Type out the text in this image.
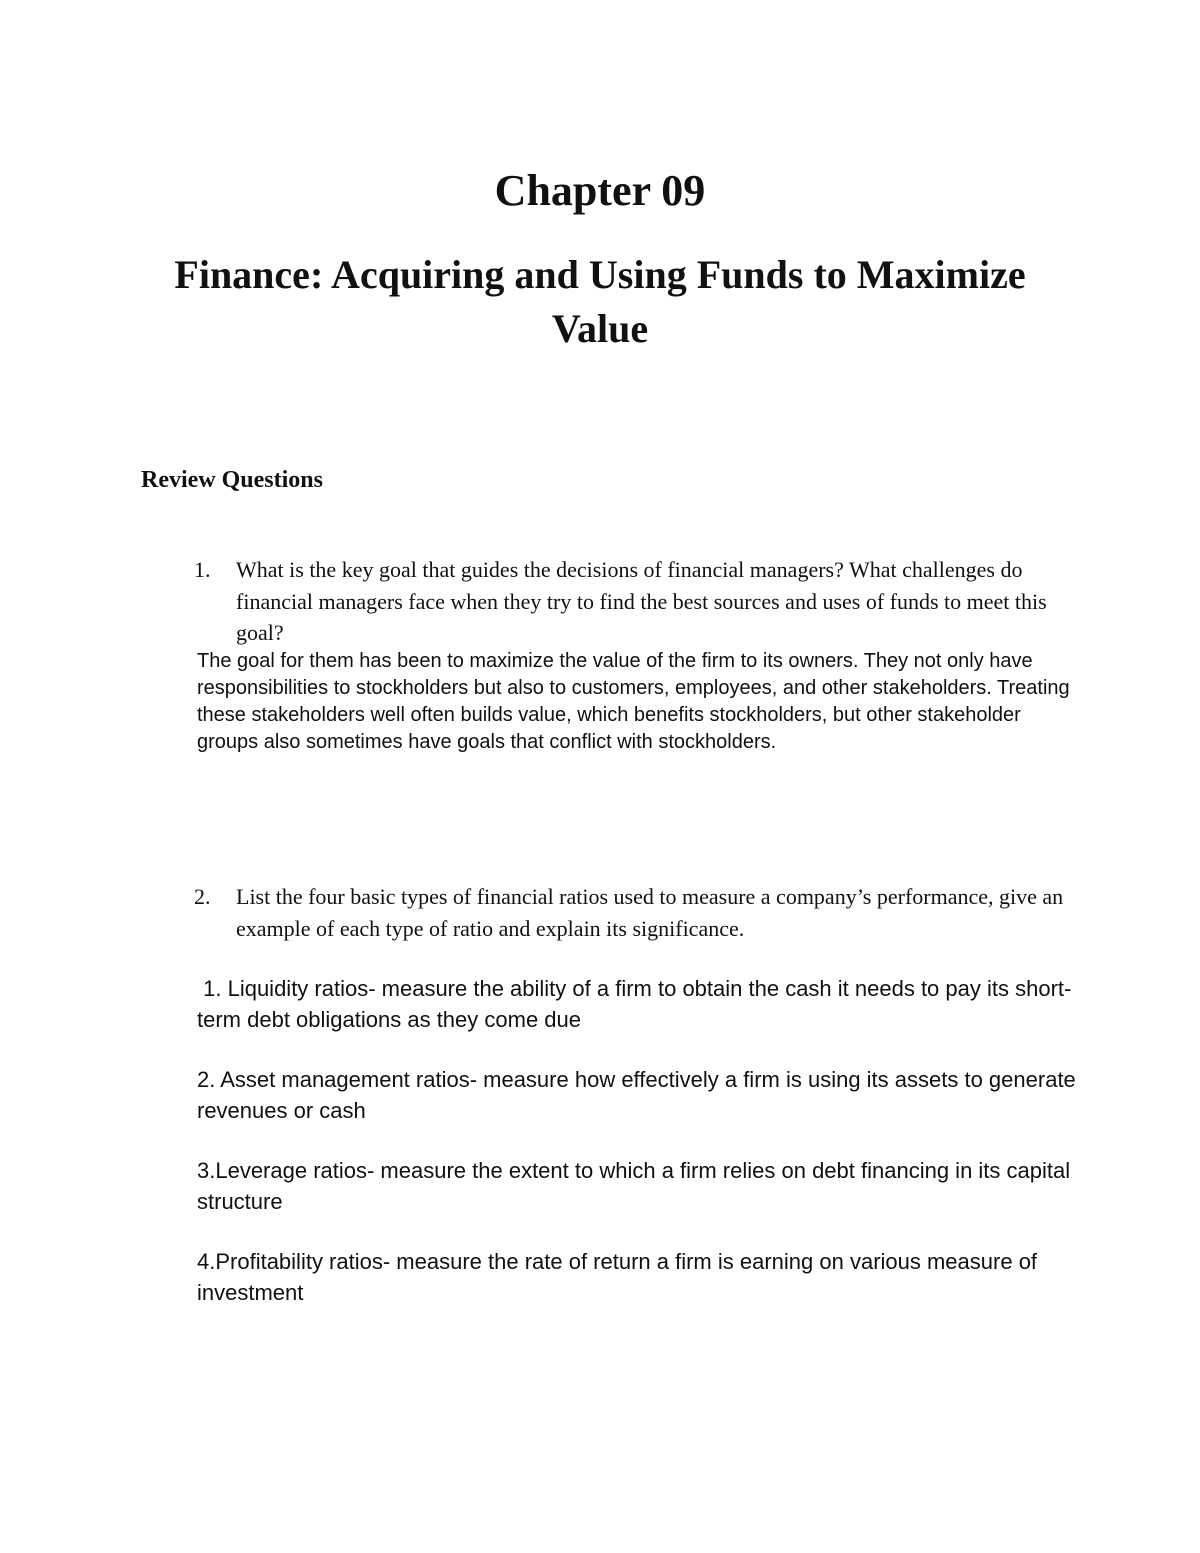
Chapter 09
Finance: Acquiring and Using Funds to Maximize Value
Review Questions
1. What is the key goal that guides the decisions of financial managers? What challenges do financial managers face when they try to find the best sources and uses of funds to meet this goal?
The goal for them has been to maximize the value of the firm to its owners. They not only have responsibilities to stockholders but also to customers, employees, and other stakeholders. Treating these stakeholders well often builds value, which benefits stockholders, but other stakeholder groups also sometimes have goals that conflict with stockholders.
2. List the four basic types of financial ratios used to measure a company’s performance, give an example of each type of ratio and explain its significance.
1. Liquidity ratios- measure the ability of a firm to obtain the cash it needs to pay its short-term debt obligations as they come due
2. Asset management ratios- measure how effectively a firm is using its assets to generate revenues or cash
3.Leverage ratios- measure the extent to which a firm relies on debt financing in its capital structure
4.Profitability ratios- measure the rate of return a firm is earning on various measure of investment
